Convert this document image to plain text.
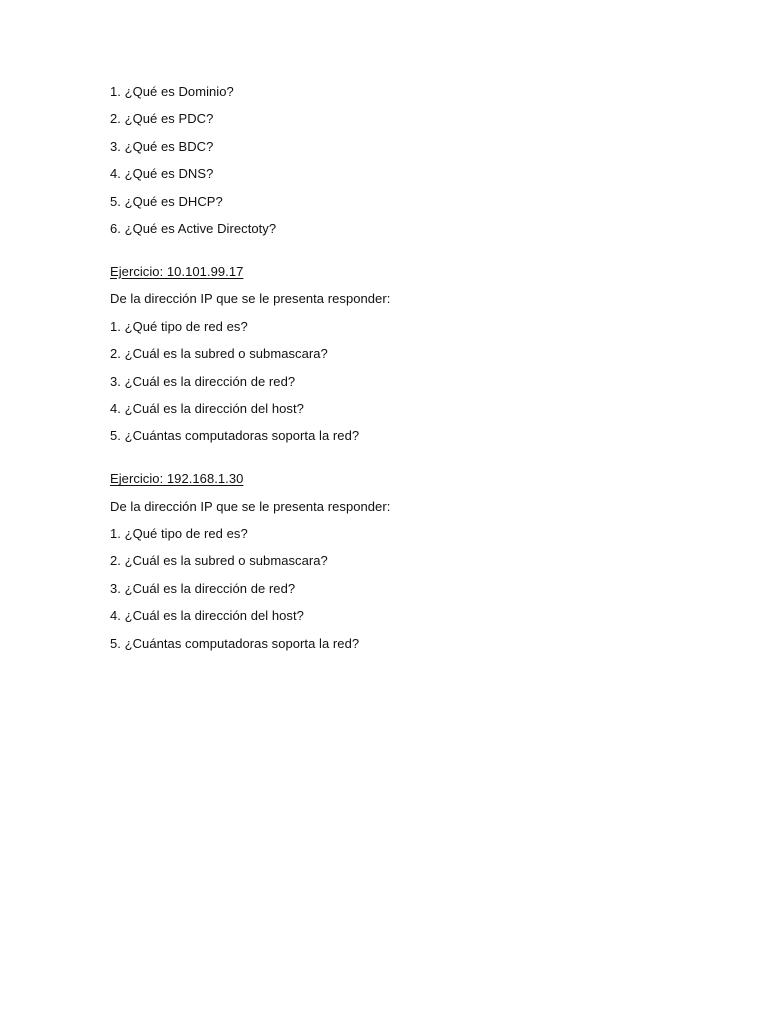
1. ¿Qué es Dominio?
2. ¿Qué es PDC?
3. ¿Qué es BDC?
4. ¿Qué es DNS?
5. ¿Qué es DHCP?
6. ¿Qué es Active Directoty?
Ejercicio: 10.101.99.17
De la dirección IP que se le presenta responder:
1. ¿Qué tipo de red es?
2. ¿Cuál es la subred o submascara?
3. ¿Cuál es la dirección de red?
4. ¿Cuál es la dirección del host?
5. ¿Cuántas computadoras soporta la red?
Ejercicio: 192.168.1.30
De la dirección IP que se le presenta responder:
1. ¿Qué tipo de red es?
2. ¿Cuál es la subred o submascara?
3. ¿Cuál es la dirección de red?
4. ¿Cuál es la dirección del host?
5. ¿Cuántas computadoras soporta la red?
